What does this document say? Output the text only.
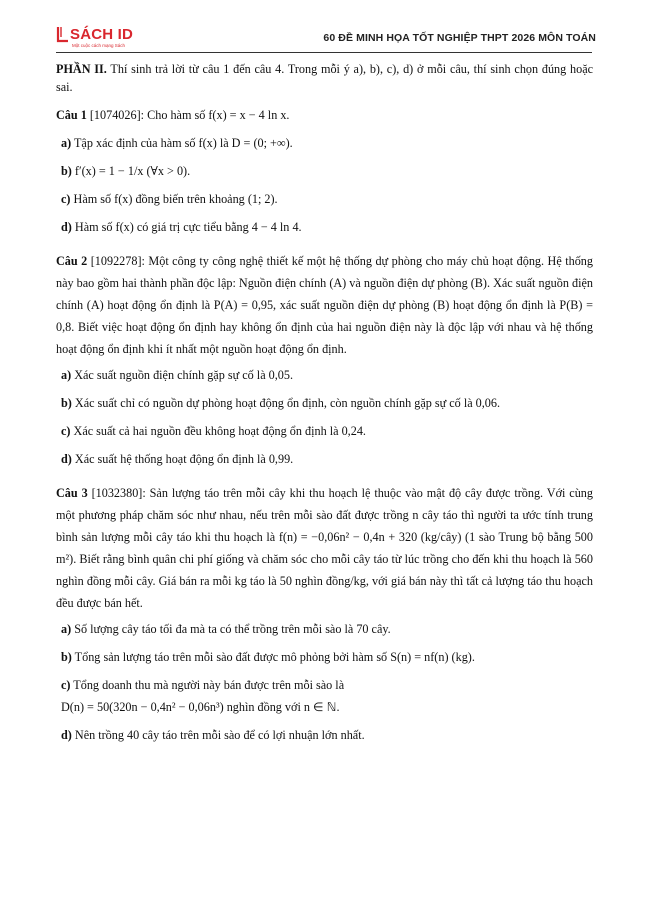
SÁCH ID
Một cuộc cách mạng Sách
60 ĐỀ MINH HỌA TỐT NGHIỆP THPT 2026 MÔN TOÁN

PHẦN II. Thí sinh trả lời từ câu 1 đến câu 4. Trong mỗi ý a), b), c), d) ở mỗi câu, thí sinh chọn đúng hoặc sai.

Câu 1 [1074026]: Cho hàm số f(x) = x − 4 ln x.

a) Tập xác định của hàm số f(x) là D = (0; +∞).

b) f′(x) = 1 − 1/x (∀x > 0).

c) Hàm số f(x) đồng biến trên khoảng (1; 2).

d) Hàm số f(x) có giá trị cực tiểu bằng 4 − 4 ln 4.

Câu 2 [1092278]: Một công ty công nghệ thiết kế một hệ thống dự phòng cho máy chủ hoạt động. Hệ thống này bao gồm hai thành phần độc lập: Nguồn điện chính (A) và nguồn điện dự phòng (B). Xác suất nguồn điện chính (A) hoạt động ổn định là P(A) = 0,95, xác suất nguồn điện dự phòng (B) hoạt động ổn định là P(B) = 0,8. Biết việc hoạt động ổn định hay không ổn định của hai nguồn điện này là độc lập với nhau và hệ thống hoạt động ổn định khi ít nhất một nguồn hoạt động ổn định.

a) Xác suất nguồn điện chính gặp sự cố là 0,05.

b) Xác suất chỉ có nguồn dự phòng hoạt động ổn định, còn nguồn chính gặp sự cố là 0,06.

c) Xác suất cả hai nguồn đều không hoạt động ổn định là 0,24.

d) Xác suất hệ thống hoạt động ổn định là 0,99.

Câu 3 [1032380]: Sản lượng táo trên mỗi cây khi thu hoạch lệ thuộc vào mật độ cây được trồng. Với cùng một phương pháp chăm sóc như nhau, nếu trên mỗi sào đất được trồng n cây táo thì người ta ước tính trung bình sản lượng mỗi cây táo khi thu hoạch là f(n) = −0,06n² − 0,4n + 320 (kg/cây) (1 sào Trung bộ bằng 500 m²). Biết rằng bình quân chi phí giống và chăm sóc cho mỗi cây táo từ lúc trồng cho đến khi thu hoạch là 560 nghìn đồng mỗi cây. Giá bán ra mỗi kg táo là 50 nghìn đồng/kg, với giá bán này thì tất cả lượng táo thu hoạch đều được bán hết.

a) Số lượng cây táo tối đa mà ta có thể trồng trên mỗi sào là 70 cây.

b) Tổng sản lượng táo trên mỗi sào đất được mô phỏng bởi hàm số S(n) = nf(n) (kg).

c) Tổng doanh thu mà người này bán được trên mỗi sào là

D(n) = 50(320n − 0,4n² − 0,06n³) nghìn đồng với n ∈ ℕ.

d) Nên trồng 40 cây táo trên mỗi sào để có lợi nhuận lớn nhất.
